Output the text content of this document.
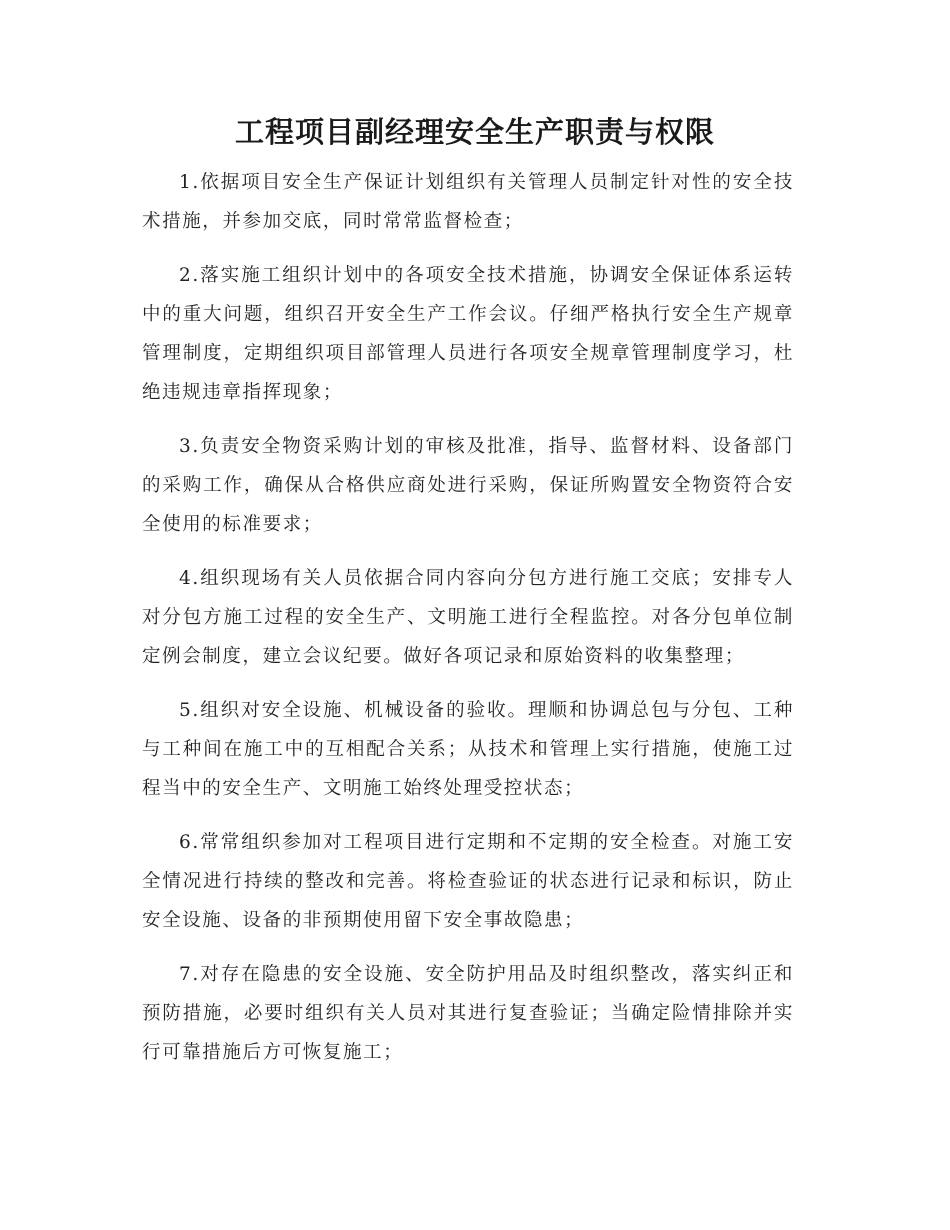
工程项目副经理安全生产职责与权限

1.依据项目安全生产保证计划组织有关管理人员制定针对性的安全技术措施，并参加交底，同时常常监督检查；

2.落实施工组织计划中的各项安全技术措施，协调安全保证体系运转中的重大问题，组织召开安全生产工作会议。仔细严格执行安全生产规章管理制度，定期组织项目部管理人员进行各项安全规章管理制度学习，杜绝违规违章指挥现象；

3.负责安全物资采购计划的审核及批准，指导、监督材料、设备部门的采购工作，确保从合格供应商处进行采购，保证所购置安全物资符合安全使用的标准要求；

4.组织现场有关人员依据合同内容向分包方进行施工交底；安排专人对分包方施工过程的安全生产、文明施工进行全程监控。对各分包单位制定例会制度，建立会议纪要。做好各项记录和原始资料的收集整理；

5.组织对安全设施、机械设备的验收。理顺和协调总包与分包、工种与工种间在施工中的互相配合关系；从技术和管理上实行措施，使施工过程当中的安全生产、文明施工始终处理受控状态；

6.常常组织参加对工程项目进行定期和不定期的安全检查。对施工安全情况进行持续的整改和完善。将检查验证的状态进行记录和标识，防止安全设施、设备的非预期使用留下安全事故隐患；

7.对存在隐患的安全设施、安全防护用品及时组织整改，落实纠正和预防措施，必要时组织有关人员对其进行复查验证；当确定险情排除并实行可靠措施后方可恢复施工；
